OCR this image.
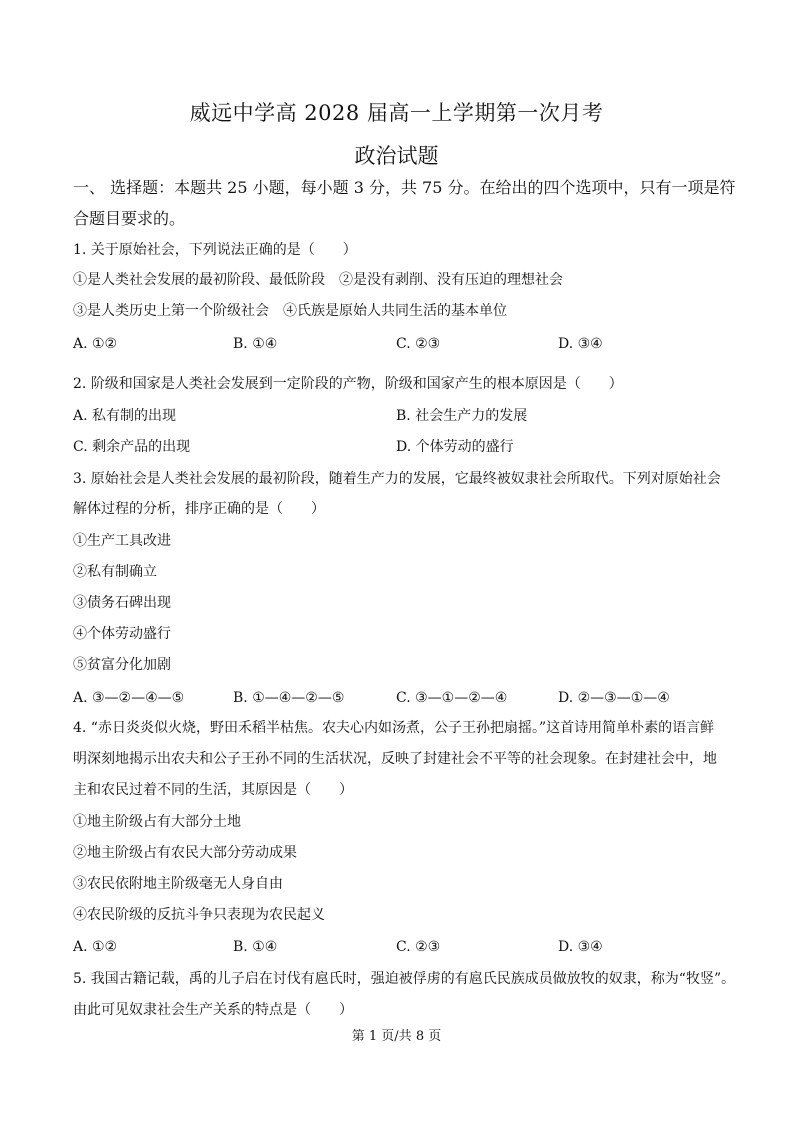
威远中学高 2028 届高一上学期第一次月考
政治试题
一、 选择题：本题共 25 小题，每小题 3 分，共 75 分。在给出的四个选项中，只有一项是符
合题目要求的。
1. 关于原始社会，下列说法正确的是（　　）
①是人类社会发展的最初阶段、最低阶段　②是没有剥削、没有压迫的理想社会
③是人类历史上第一个阶级社会　④氏族是原始人共同生活的基本单位
A. ①②	B. ①④	C. ②③	D. ③④
2. 阶级和国家是人类社会发展到一定阶段的产物，阶级和国家产生的根本原因是（　　）
A. 私有制的出现	B. 社会生产力的发展
C. 剩余产品的出现	D. 个体劳动的盛行
3. 原始社会是人类社会发展的最初阶段，随着生产力的发展，它最终被奴隶社会所取代。下列对原始社会
解体过程的分析，排序正确的是（　　）
①生产工具改进
②私有制确立
③债务石碑出现
④个体劳动盛行
⑤贫富分化加剧
A. ③—②—④—⑤	B. ①—④—②—⑤	C. ③—①—②—④	D. ②—③—①—④
4. “赤日炎炎似火烧，野田禾稻半枯焦。农夫心内如汤煮，公子王孙把扇摇。”这首诗用简单朴素的语言鲜
明深刻地揭示出农夫和公子王孙不同的生活状况，反映了封建社会不平等的社会现象。在封建社会中，地
主和农民过着不同的生活，其原因是（　　）
①地主阶级占有大部分土地
②地主阶级占有农民大部分劳动成果
③农民依附地主阶级毫无人身自由
④农民阶级的反抗斗争只表现为农民起义
A. ①②	B. ①④	C. ②③	D. ③④
5. 我国古籍记载，禹的儿子启在讨伐有扈氏时，强迫被俘虏的有扈氏民族成员做放牧的奴隶，称为“牧竖”。
由此可见奴隶社会生产关系的特点是（　　）
第 1 页/共 8 页
